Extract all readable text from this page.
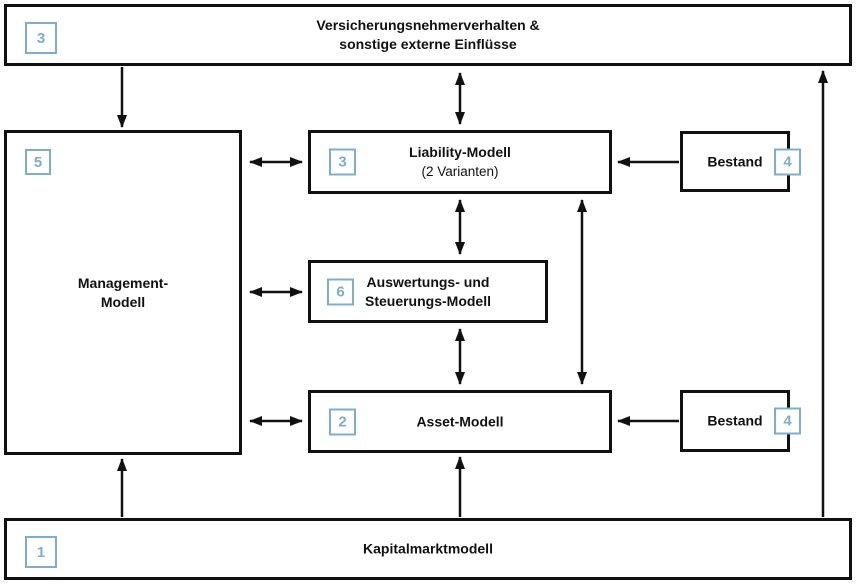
3
Versicherungsnehmerverhalten &
sonstige externe Einflüsse
5
Management-
Modell
3
Liability-Modell
(2 Varianten)
6
Auswertungs- und
Steuerungs-Modell
2	Asset-Modell
4
Bestand
4
Bestand
1	Kapitalmarktmodell
